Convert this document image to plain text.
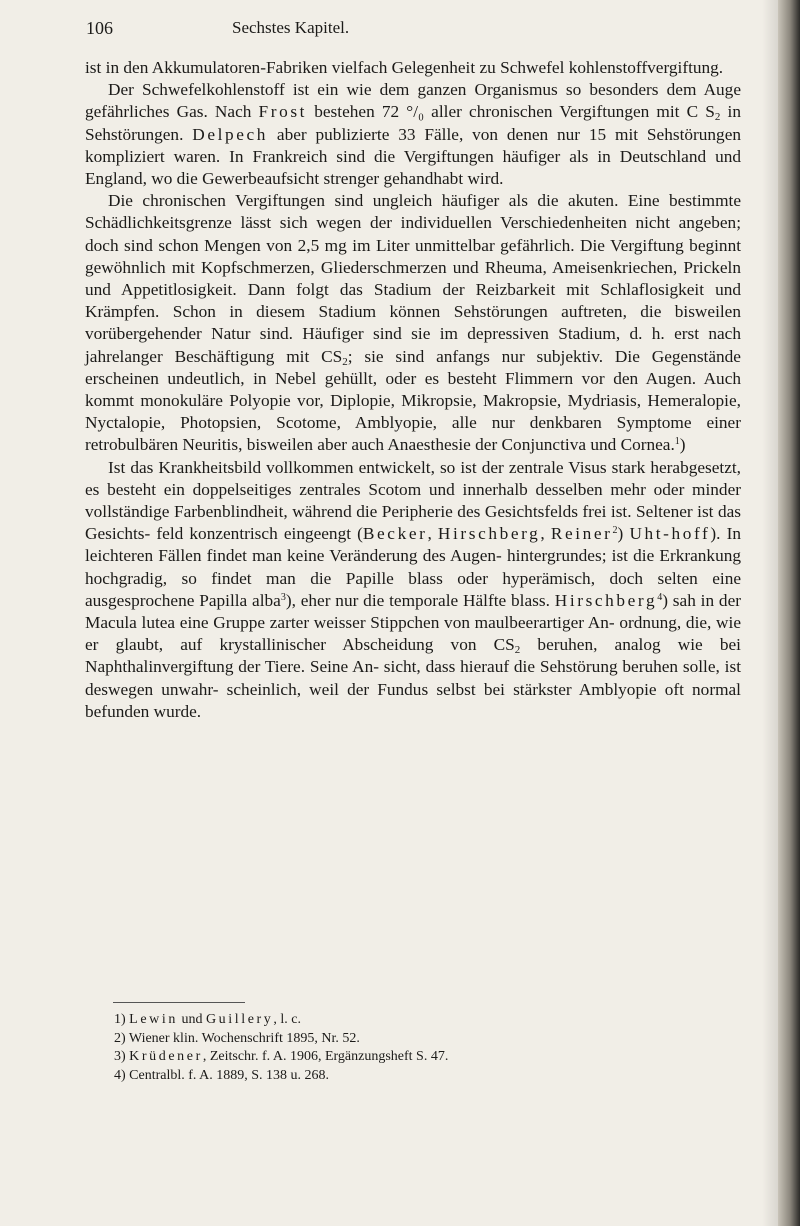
106	Sechstes Kapitel.

ist in den Akkumulatoren-Fabriken vielfach Gelegenheit zu Schwefel kohlenstoffvergiftung.

Der Schwefelkohlenstoff ist ein wie dem ganzen Organismus so besonders dem Auge gefährliches Gas. Nach Frost bestehen 72 °/₀ aller chronischen Vergiftungen mit C $S_2$ in Sehstörungen. Delpech aber publizierte 33 Fälle, von denen nur 15 mit Sehstörungen kompliziert waren. In Frankreich sind die Vergiftungen häufiger als in Deutschland und England, wo die Gewerbeaufsicht strenger gehandhabt wird.

Die chronischen Vergiftungen sind ungleich häufiger als die akuten. Eine bestimmte Schädlichkeitsgrenze lässt sich wegen der individuellen Verschiedenheiten nicht angeben; doch sind schon Mengen von 2,5 mg im Liter unmittelbar gefährlich. Die Vergiftung beginnt gewöhnlich mit Kopfschmerzen, Gliederschmerzen und Rheuma, Ameisenkriechen, Prickeln und Appetitlosigkeit. Dann folgt das Stadium der Reizbarkeit mit Schlaflosigkeit und Krämpfen. Schon in diesem Stadium können Sehstörungen auftreten, die bisweilen vorübergehender Natur sind. Häufiger sind sie im depressiven Stadium, d. h. erst nach jahrelanger Beschäftigung mit $CS_2$; sie sind anfangs nur subjektiv. Die Gegenstände erscheinen undeutlich, in Nebel gehüllt, oder es besteht Flimmern vor den Augen. Auch kommt monokuläre Polyopie vor, Diplopie, Mikropsie, Makropsie, Mydriasis, Hemeralopie, Nyctalopie, Photopsien, Scotome, Amblyopie, alle nur denkbaren Symptome einer retrobulbären Neuritis, bisweilen aber auch Anaesthesie der Conjunctiva und Cornea.$^1$)

Ist das Krankheitsbild vollkommen entwickelt, so ist der zentrale Visus stark herabgesetzt, es besteht ein doppelseitiges zentrales Scotom und innerhalb desselben mehr oder minder vollständige Farbenblindheit, während die Peripherie des Gesichtsfelds frei ist. Seltener ist das Gesichts- feld konzentrisch eingeengt (Becker, Hirschberg, Reiner$^2$) Uht-hoff). In leichteren Fällen findet man keine Veränderung des Augen- hintergrundes; ist die Erkrankung hochgradig, so findet man die Papille blass oder hyperämisch, doch selten eine ausgesprochene Papilla alba$^3$), eher nur die temporale Hälfte blass. Hirschberg$^4$) sah in der Macula lutea eine Gruppe zarter weisser Stippchen von maulbeerartiger An- ordnung, die, wie er glaubt, auf krystallinischer Abscheidung von $CS_2$ beruhen, analog wie bei Naphthalinvergiftung der Tiere. Seine An- sicht, dass hierauf die Sehstörung beruhen solle, ist deswegen unwahr- scheinlich, weil der Fundus selbst bei stärkster Amblyopie oft normal befunden wurde.

1) Lewin und Guillery, l. c.
2) Wiener klin. Wochenschrift 1895, Nr. 52.
3) Krüdener, Zeitschr. f. A. 1906, Ergänzungsheft S. 47.
4) Centralbl. f. A. 1889, S. 138 u. 268.
